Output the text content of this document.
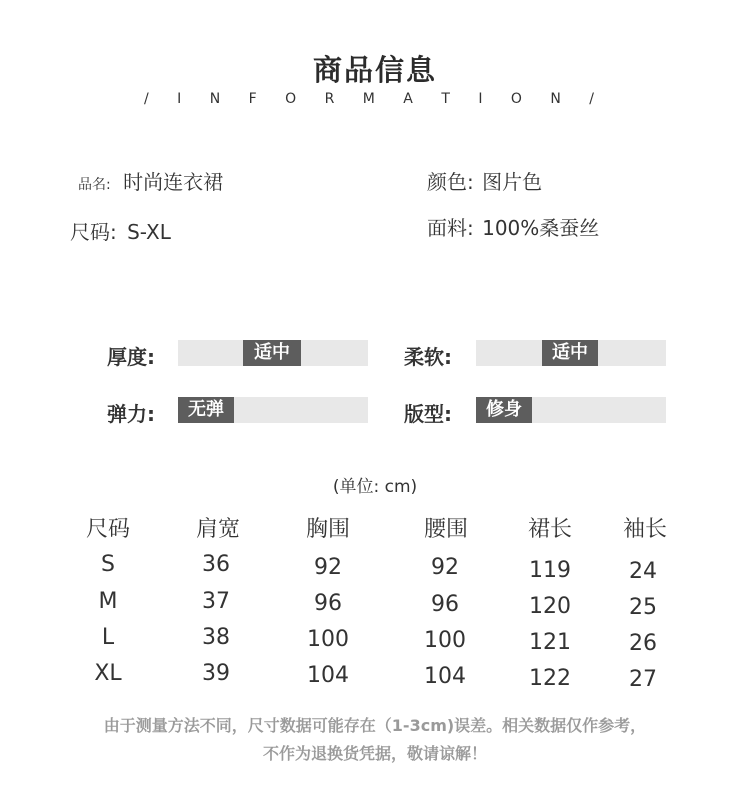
商品信息
/ I N F O R M A T I O N /
品名: 时尚连衣裙	颜色: 图片色
尺码: S-XL	面料: 100%桑蚕丝
厚度:	适中	柔软:	适中
弹力:	无弹	版型:	修身
(单位: cm)
尺码	肩宽	胸围	腰围	裙长	袖长
S	36	92	92	119	24
M	37	96	96	120	25
L	38	100	100	121	26
XL	39	104	104	122	27
由于测量方法不同，尺寸数据可能存在（1-3cm)误差。相关数据仅作参考，
不作为退换货凭据，敬请谅解！
